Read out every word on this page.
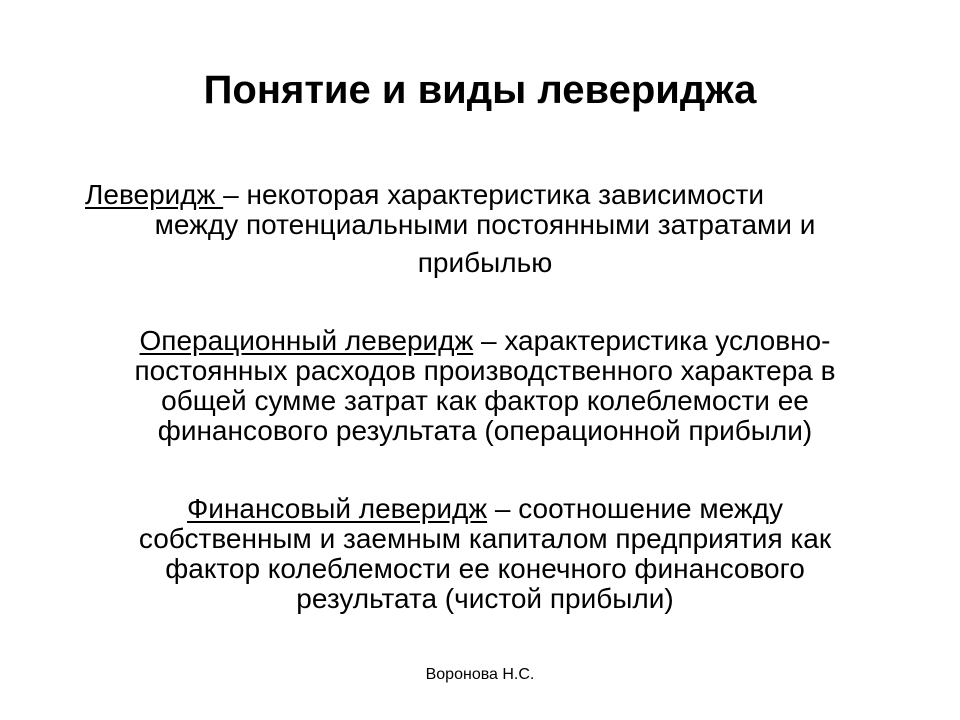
Понятие и виды левериджа

Леверидж – некоторая характеристика зависимости
между потенциальными постоянными затратами и
прибылью

Операционный леверидж – характеристика условно-
постоянных расходов производственного характера в
общей сумме затрат как фактор колеблемости ее
финансового результата (операционной прибыли)

Финансовый леверидж – соотношение между
собственным и заемным капиталом предприятия как
фактор колеблемости ее конечного финансового
результата (чистой прибыли)

Воронова Н.С.
